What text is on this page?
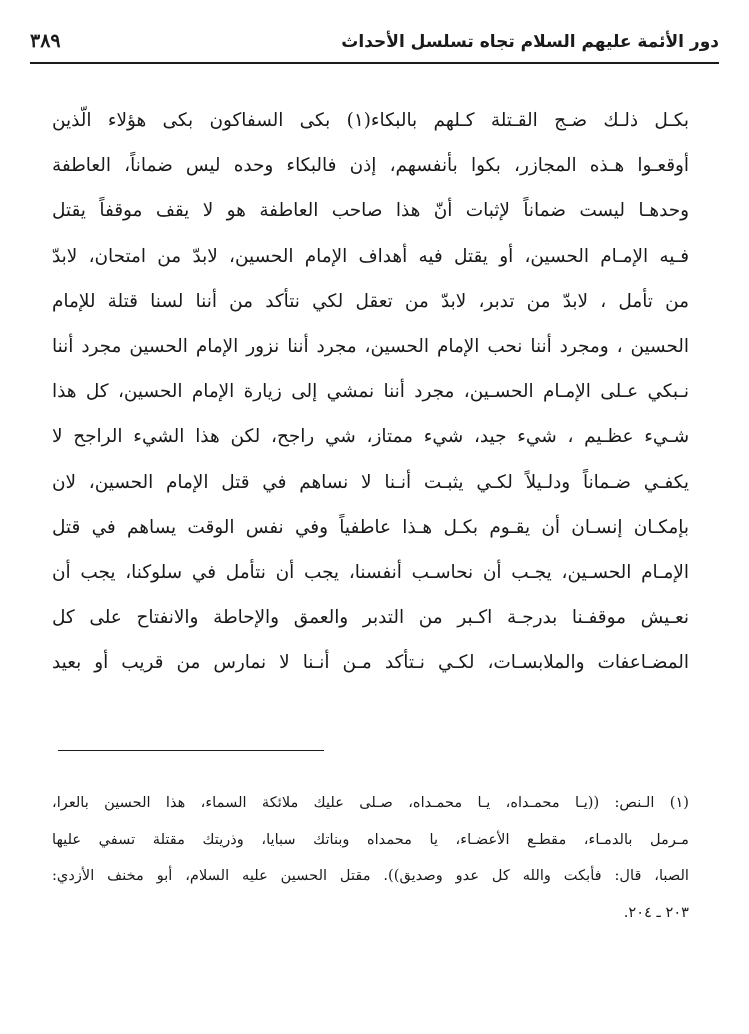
دور الأئمة عليهم السلام تجاه تسلسل الأحداث
٣٨٩
بكـل ذلـك ضـج القـتلة كـلهم بالبكاء(١) بكى السفاكون بكى هؤلاء الّذين
أوقعـوا هـذه المجازر، بكوا بأنفسهم، إذن فالبكاء وحده ليس ضماناً، العاطفة
وحدهـا ليست ضماناً لإثبات أنّ هذا صاحب العاطفة هو لا يقف موقفاً يقتل
فـيه الإمـام الحسين، أو يقتل فيه أهداف الإمام الحسين، لابدّ من امتحان، لابدّ
من تأمل ، لابدّ من تدبر، لابدّ من تعقل لكي نتأكد من أننا لسنا قتلة للإمام
الحسين ، ومجرد أننا نحب الإمام الحسين، مجرد أننا نزور الإمام الحسين مجرد أننا
نـبكي عـلى الإمـام الحسـين، مجرد أننا نمشي إلى زيارة الإمام الحسين، كل هذا
شـيء عظـيم ، شيء جيد، شيء ممتاز، شي راجح، لكن هذا الشيء الراجح لا
يكفـي ضـماناً ودلـيلاً لكـي يثبـت أنـنا لا نساهم في قتل الإمام الحسين، لان
بإمكـان إنسـان أن يقـوم بكـل هـذا عاطفياً وفي نفس الوقت يساهم في قتل
الإمـام الحسـين، يجـب أن نحاسـب أنفسنا، يجب أن نتأمل في سلوكنا، يجب أن
نعـيش موقفـنا بدرجـة اكـبر من التدبر والعمق والإحاطة والانفتاح على كل
المضـاعفات والملابسـات، لكـي نـتأكد مـن أنـنا لا نمارس من قريب أو بعيد
(١) الـنص: ((يـا محمـداه، يـا محمـداه، صـلى عليك ملائكة السماء، هذا الحسين بالعرا،
مـرمل بالدمـاء، مقطـع الأعضـاء، يا محمداه وبناتك سبايا، وذريتك مقتلة تسفي عليها
الصبا، قال: فأبكت والله كل عدو وصديق)). مقتل الحسين عليه السلام، أبو مخنف الأزدي:
٢٠٣ ـ ٢٠٤.
